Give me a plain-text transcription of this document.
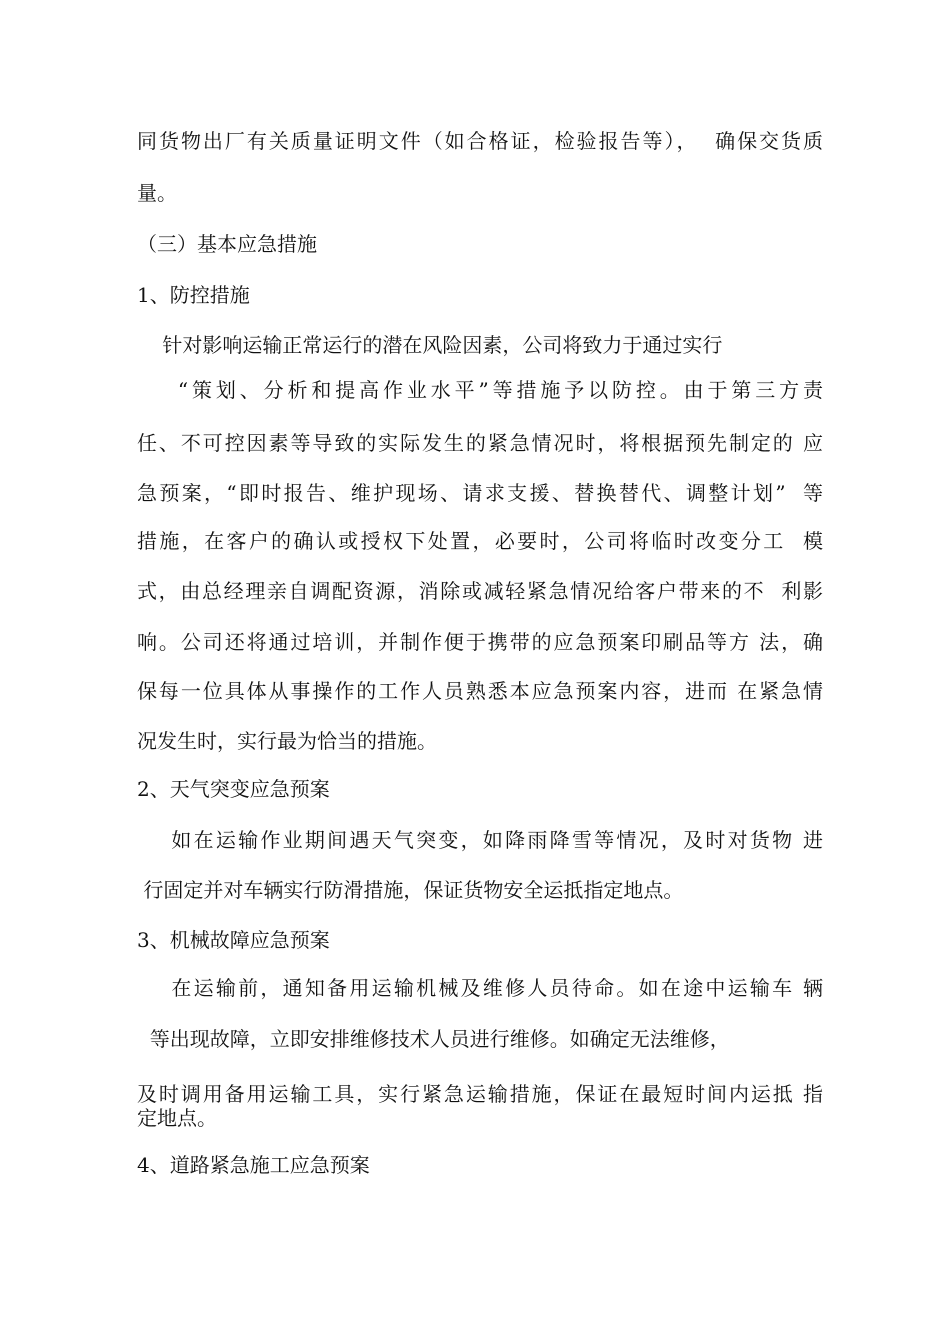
同货物出厂有关质量证明文件（如合格证，检验报告等），  确保交货质
量。
（三）基本应急措施
1、防控措施
针对影响运输正常运行的潜在风险因素，公司将致力于通过实行
“策划、分析和提高作业水平”等措施予以防控。由于第三方责
任、不可控因素等导致的实际发生的紧急情况时，将根据预先制定的 应
急预案，“即时报告、维护现场、请求支援、替换替代、调整计划”  等
措施，在客户的确认或授权下处置，必要时，公司将临时改变分工  模
式，由总经理亲自调配资源，消除或减轻紧急情况给客户带来的不  利影
响。公司还将通过培训，并制作便于携带的应急预案印刷品等方 法，确
保每一位具体从事操作的工作人员熟悉本应急预案内容，进而 在紧急情
况发生时，实行最为恰当的措施。
2、天气突变应急预案
如在运输作业期间遇天气突变，如降雨降雪等情况，及时对货物 进
行固定并对车辆实行防滑措施，保证货物安全运抵指定地点。
3、机械故障应急预案
在运输前，通知备用运输机械及维修人员待命。如在途中运输车 辆
等出现故障，立即安排维修技术人员进行维修。如确定无法维修，
及时调用备用运输工具，实行紧急运输措施，保证在最短时间内运抵 指
定地点。
4、道路紧急施工应急预案
